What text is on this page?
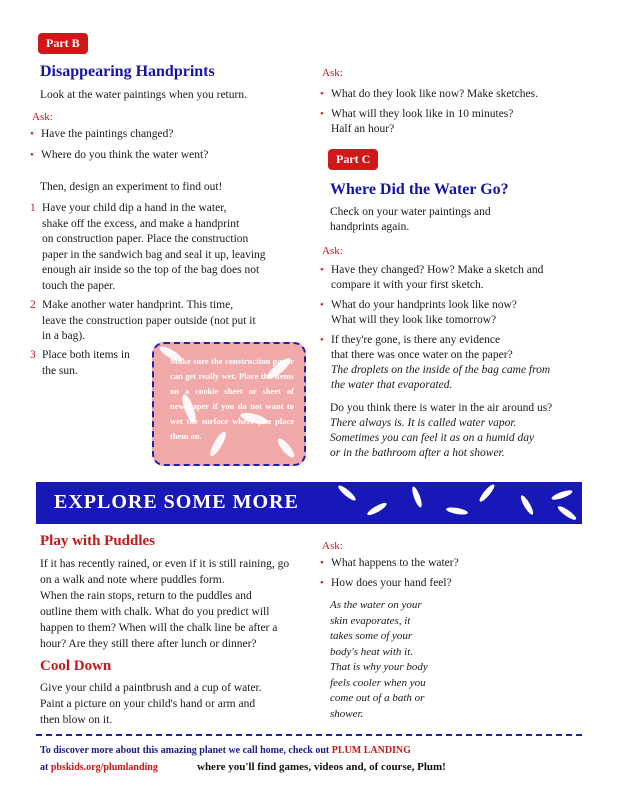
Part B
Disappearing Handprints
Look at the water paintings when you return.
Ask:
• Have the paintings changed?
• Where do you think the water went?
Then, design an experiment to find out!
1 Have your child dip a hand in the water,
shake off the excess, and make a handprint
on construction paper. Place the construction
paper in the sandwich bag and seal it up, leaving
enough air inside so the top of the bag does not
touch the paper.
2 Make another water handprint. This time,
leave the construction paper outside (not put it
in a bag).
3 Place both items in
the sun.
Make sure the construction paper can get really wet. Place the items on a cookie sheet or sheet of newspaper if you do not want to wet the surface where you place them on.
Ask:
• What do they look like now? Make sketches.
• What will they look like in 10 minutes?
Half an hour?
Part C
Where Did the Water Go?
Check on your water paintings and
handprints again.
Ask:
• Have they changed? How? Make a sketch and
compare it with your first sketch.
• What do your handprints look like now?
What will they look like tomorrow?
• If they're gone, is there any evidence
that there was once water on the paper?
The droplets on the inside of the bag came from
the water that evaporated.
Do you think there is water in the air around us?
There always is. It is called water vapor.
Sometimes you can feel it as on a humid day
or in the bathroom after a hot shower.
EXPLORE SOME MORE
Play with Puddles
If it has recently rained, or even if it is still raining, go on a walk and note where puddles form.
When the rain stops, return to the puddles and
outline them with chalk. What do you predict will
happen to them? When will the chalk line be after a
hour? Are they still there after lunch or dinner?
Cool Down
Give your child a paintbrush and a cup of water.
Paint a picture on your child's hand or arm and
then blow on it.
Ask:
• What happens to the water?
• How does your hand feel?
As the water on your
skin evaporates, it
takes some of your
body's heat with it.
That is why your body
feels cooler when you
come out of a bath or
shower.
To discover more about this amazing planet we call home, check out PLUM LANDING
at pbskids.org/plumlanding	where you'll find games, videos and, of course, Plum!
